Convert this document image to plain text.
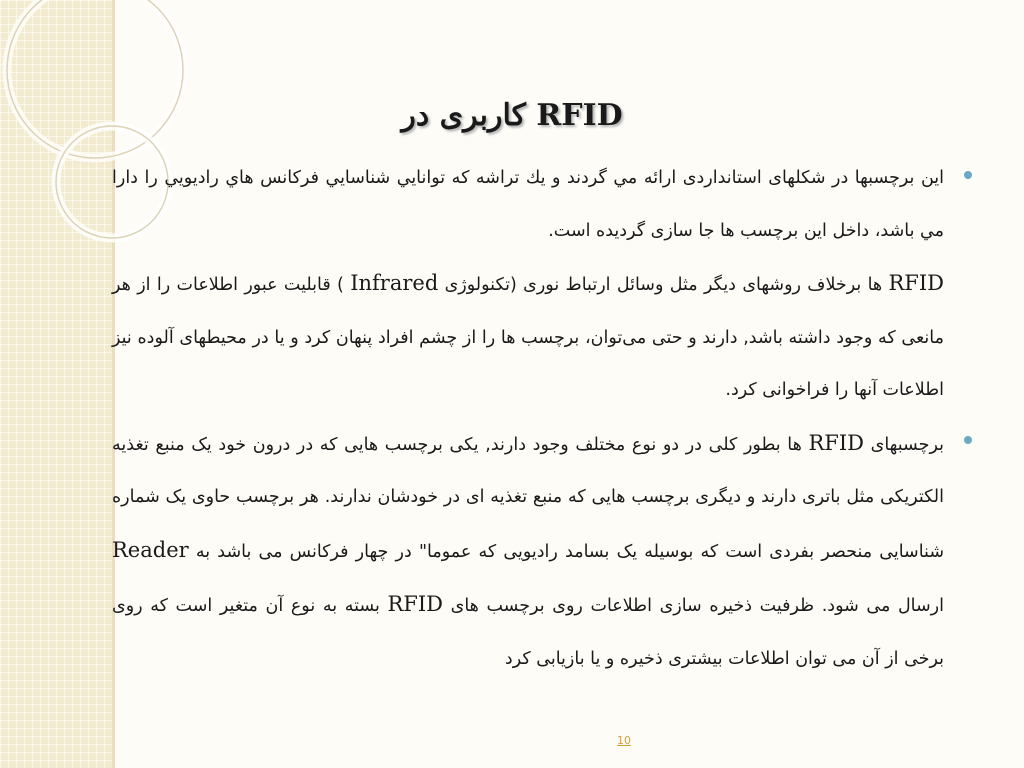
کاربری در RFID

این برچسبها در شكلهای استانداردی ارائه مي گردند و يك تراشه كه توانايي شناسايي فركانس هاي راديويي را دارا مي باشد، داخل اين برچسب ها جا سازی گرديده است.

RFID ها برخلاف روشهای دیگر مثل وسائل ارتباط نوری (تکنولوژی Infrared ) قابلیت عبور اطلاعات را از هر مانعی که وجود داشته باشد, دارند و حتی می‌توان، برچسب ها را از چشم افراد پنهان کرد و یا در محیطهای آلوده نیز اطلاعات آنها را فراخوانی کرد.

برچسبهای RFID ها بطور کلی در دو نوع مختلف وجود دارند, یکی برچسب هایی که در درون خود یک منبع تغذیه الکتریکی مثل باتری دارند و دیگری برچسب هایی که منبع تغذیه ای در خودشان ندارند. هر برچسب حاوی یک شماره شناسایی منحصر بفردی است که بوسیله یک بسامد رادیویی که عموما" در چهار فرکانس می باشد به Reader ارسال می شود. ظرفیت ذخیره سازی اطلاعات روی برچسب های RFID بسته به نوع آن متغیر است که روی برخی از آن می توان اطلاعات بیشتری ذخیره و یا بازیابی کرد

10
